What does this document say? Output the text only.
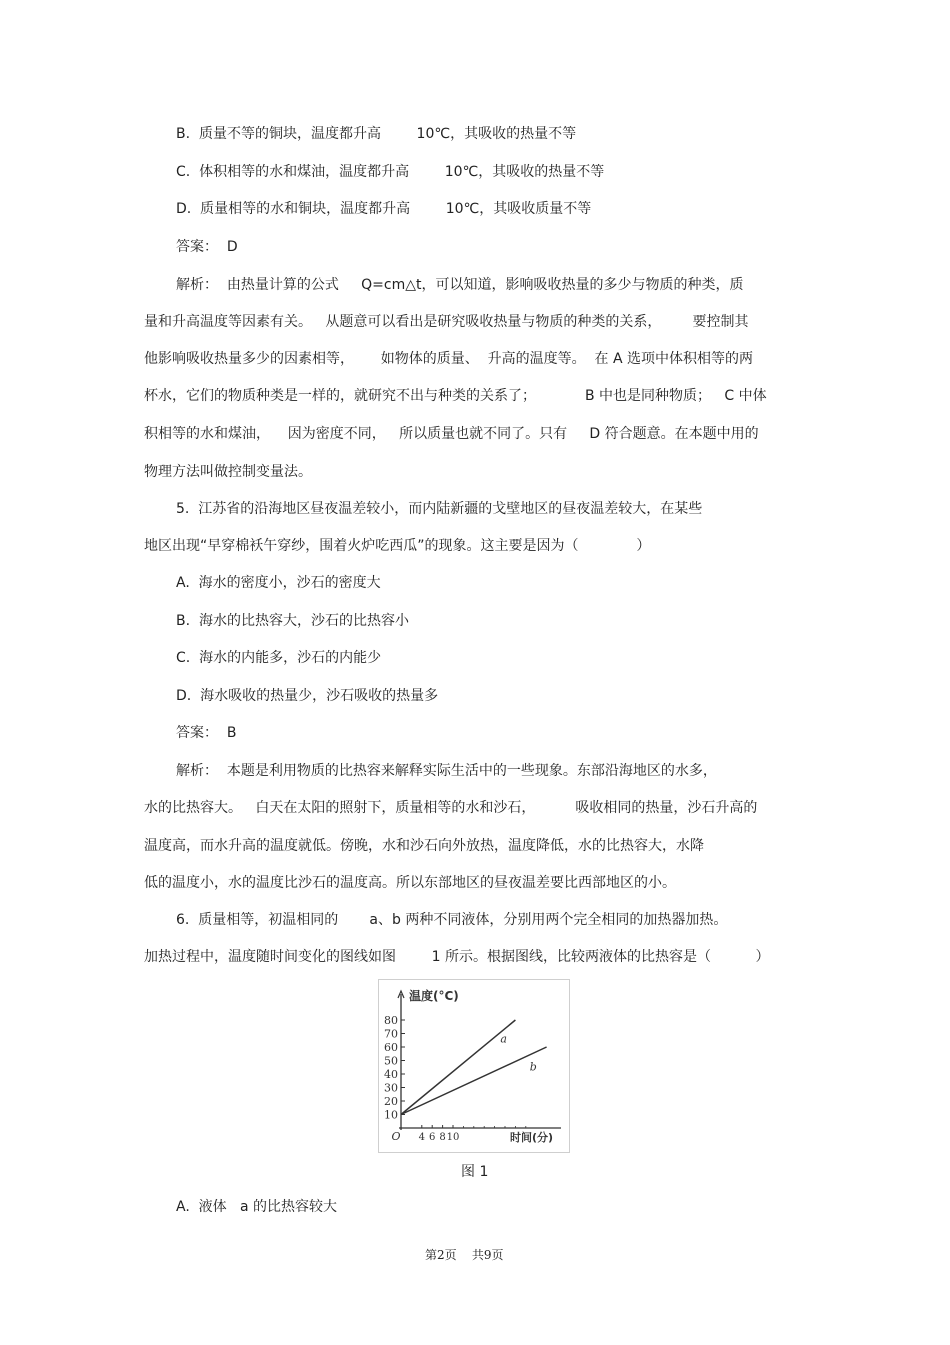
B.  质量不等的铜块，温度都升高        10℃，其吸收的热量不等
C.  体积相等的水和煤油，温度都升高        10℃，其吸收的热量不等
D.  质量相等的水和铜块，温度都升高        10℃，其吸收质量不等
答案：  D
解析：  由热量计算的公式     Q=cm△t，可以知道，影响吸收热量的多少与物质的种类，质
量和升高温度等因素有关。   从题意可以看出是研究吸收热量与物质的种类的关系，       要控制其
他影响吸收热量多少的因素相等，      如物体的质量、  升高的温度等。  在 A 选项中体积相等的两
杯水，它们的物质种类是一样的，就研究不出与种类的关系了；           B 中也是同种物质；   C 中体
积相等的水和煤油，    因为密度不同，   所以质量也就不同了。只有     D 符合题意。在本题中用的
物理方法叫做控制变量法。
5.  江苏省的沿海地区昼夜温差较小，而内陆新疆的戈壁地区的昼夜温差较大，在某些
地区出现“早穿棉袄午穿纱，围着火炉吃西瓜”的现象。这主要是因为（             ）
A.  海水的密度小，沙石的密度大
B.  海水的比热容大，沙石的比热容小
C.  海水的内能多，沙石的内能少
D.  海水吸收的热量少，沙石吸收的热量多
答案：  B
解析：  本题是利用物质的比热容来解释实际生活中的一些现象。东部沿海地区的水多，
水的比热容大。   白天在太阳的照射下，质量相等的水和沙石，         吸收相同的热量，沙石升高的
温度高，而水升高的温度就低。傍晚，水和沙石向外放热，温度降低，水的比热容大，水降
低的温度小，水的温度比沙石的温度高。所以东部地区的昼夜温差要比西部地区的小。
6.  质量相等，初温相同的       a、b 两种不同液体，分别用两个完全相同的加热器加热。
加热过程中，温度随时间变化的图线如图        1 所示。根据图线，比较两液体的比热容是（          ）
A.  液体   a 的比热容较大
温度(°C)
时间(分)
O
10
20
30
40
50
60
70
80
4 6 8 10
a
b
图 1
第2页    共9页
